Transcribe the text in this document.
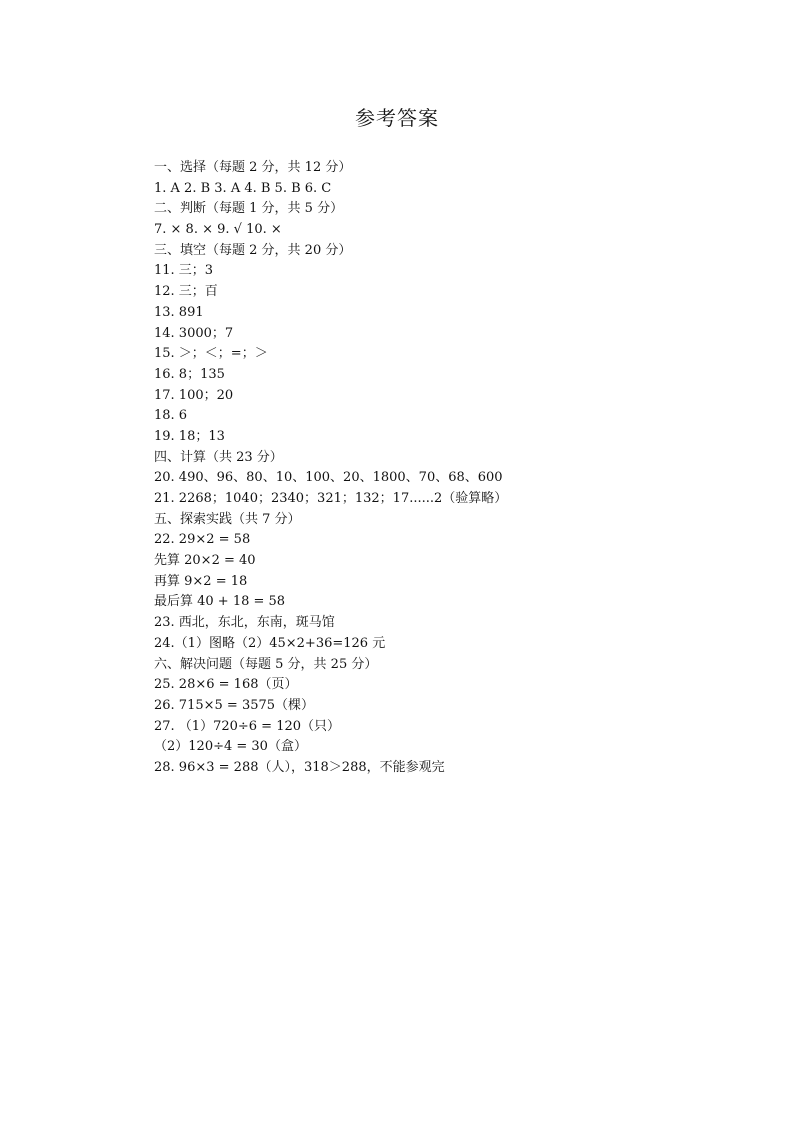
参考答案
一、选择（每题 2 分，共 12 分）
1. A 2. B 3. A 4. B 5. B 6. C
二、判断（每题 1 分，共 5 分）
7. × 8. × 9. √ 10. ×
三、填空（每题 2 分，共 20 分）
11. 三；3
12. 三；百
13. 891
14. 3000；7
15. ＞；＜；=；＞
16. 8；135
17. 100；20
18. 6
19. 18；13
四、计算（共 23 分）
20. 490、96、80、10、100、20、1800、70、68、600
21. 2268；1040；2340；321；132；17......2（验算略）
五、探索实践（共 7 分）
22. 29×2 = 58
先算 20×2 = 40
再算 9×2 = 18
最后算 40 + 18 = 58
23. 西北，东北，东南，斑马馆
24.（1）图略（2）45×2+36=126 元
六、解决问题（每题 5 分，共 25 分）
25. 28×6 = 168（页）
26. 715×5 = 3575（棵）
27. （1）720÷6 = 120（只）
（2）120÷4 = 30（盒）
28. 96×3 = 288（人），318＞288，不能参观完
